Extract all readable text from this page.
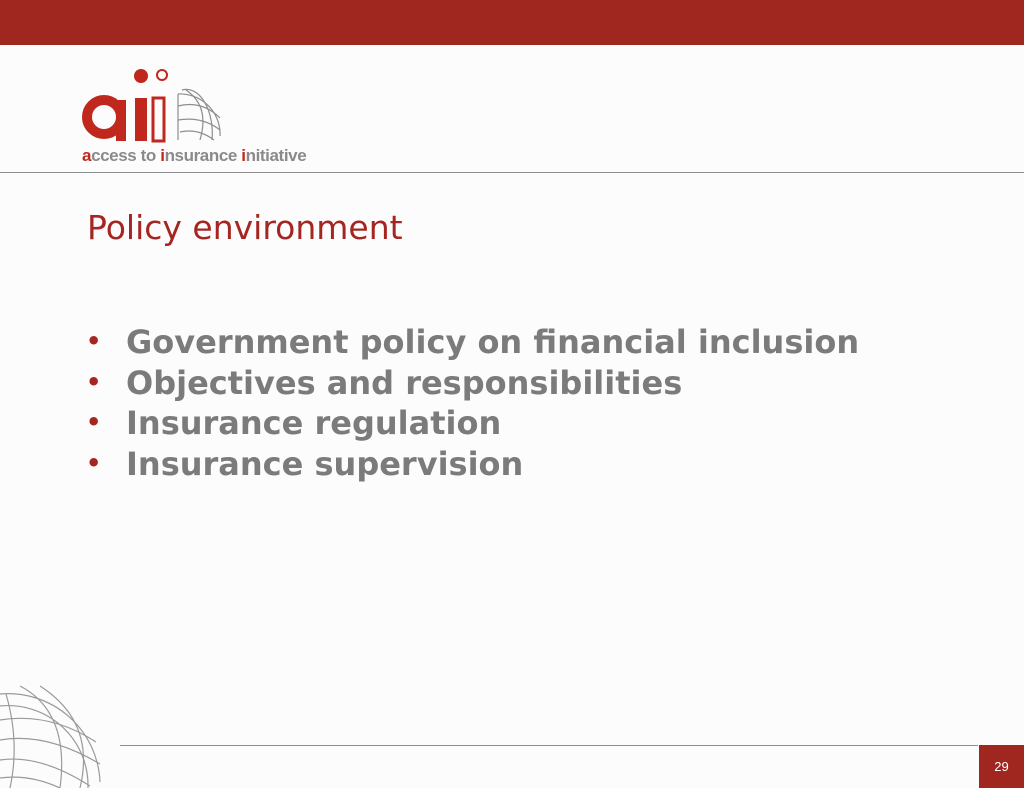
access to insurance initiative
Policy environment
• Government policy on financial inclusion
• Objectives and responsibilities
• Insurance regulation
• Insurance supervision
29
